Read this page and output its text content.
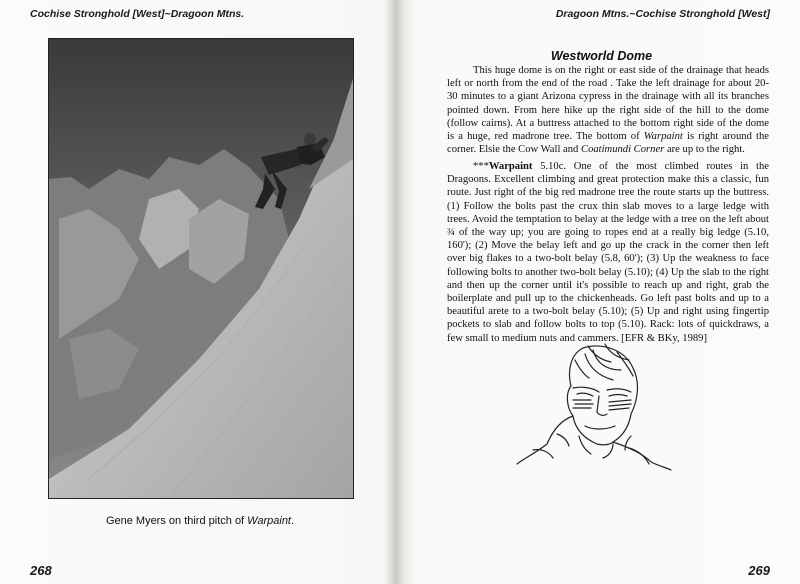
Cochise Stronghold [West]~Dragoon Mtns.
Gene Myers on third pitch of Warpaint.
268
Dragoon Mtns.~Cochise Stronghold [West]
Westworld Dome

This huge dome is on the right or east side of the drainage that heads left or north from the end of the road . Take the left drainage for about 20-30 minutes to a giant Arizona cypress in the drainage with all its branches pointed down. From here hike up the right side of the hill to the dome (follow cairns). At a buttress attached to the bottom right side of the dome is a huge, red madrone tree. The bottom of Warpaint is right around the corner. Elsie the Cow Wall and Coatimundi Corner are up to the right.

***Warpaint 5.10c. One of the most climbed routes in the Dragoons. Excellent climbing and great protection make this a classic, fun route. Just right of the big red madrone tree the route starts up the buttress. (1) Follow the bolts past the crux thin slab moves to a large ledge with trees. Avoid the temptation to belay at the ledge with a tree on the left about ¾ of the way up; you are going to ropes end at a really big ledge (5.10, 160'); (2) Move the belay left and go up the crack in the corner then left over big flakes to a two-bolt belay (5.8, 60'); (3) Up the weakness to face following bolts to another two-bolt belay (5.10); (4) Up the slab to the right and then up the corner until it's possible to reach up and right, grab the boilerplate and pull up to the chickenheads. Go left past bolts and up to a beautiful arete to a two-bolt belay (5.10); (5) Up and right using fingertip pockets to slab and follow bolts to top (5.10). Rack: lots of quickdraws, a few small to medium nuts and cammers. [EFR & BKy, 1989]

269
